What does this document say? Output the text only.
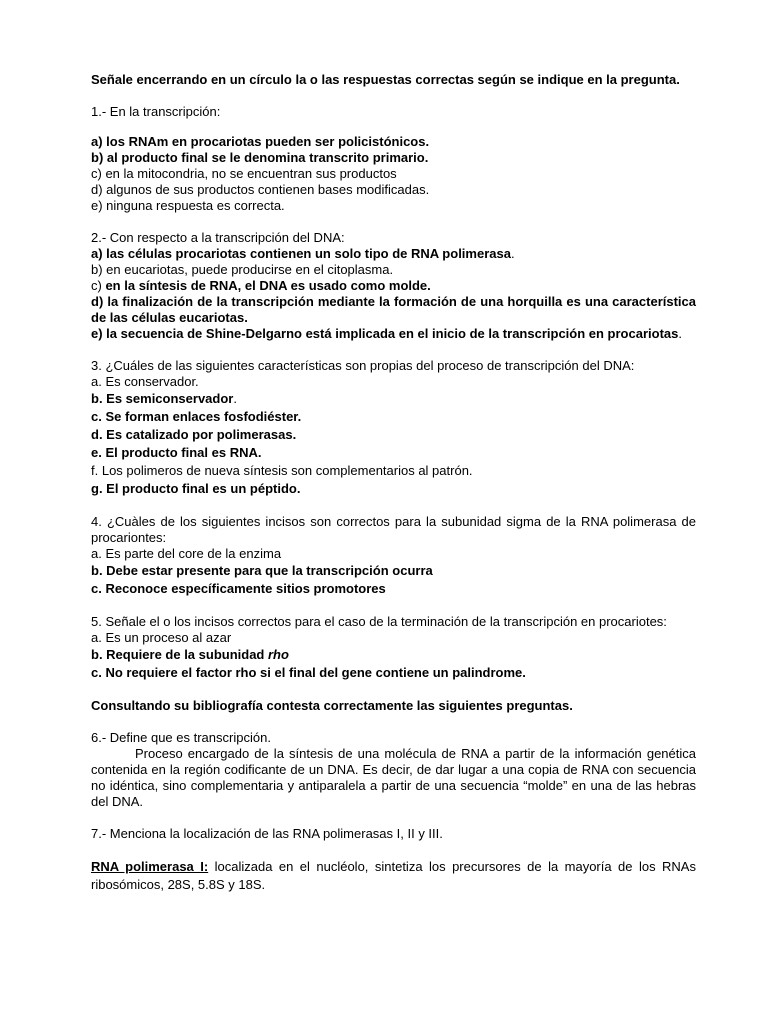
Señale encerrando en un círculo la o las respuestas correctas según se indique en la pregunta.

1.- En la transcripción:

a) los RNAm en procariotas pueden ser policistónicos.

b) al producto final se le denomina transcrito primario.

c) en la mitocondria, no se encuentran sus productos

d) algunos de sus productos contienen bases modificadas.

e) ninguna respuesta es correcta.

2.- Con respecto a la transcripción del DNA:

a) las células procariotas contienen un solo tipo de RNA polimerasa.

b) en eucariotas, puede producirse en el citoplasma.

c) en la síntesis de RNA, el DNA es usado como molde.

d) la finalización de la transcripción mediante la formación de una horquilla es una característica de las células eucariotas.

e) la secuencia de Shine-Delgarno está implicada en el inicio de la transcripción en procariotas.

3. ¿Cuáles de las siguientes características son propias del proceso de transcripción del DNA:

a. Es conservador.

b. Es semiconservador.

c. Se forman enlaces fosfodiéster.

d. Es catalizado por polimerasas.

e. El producto final es RNA.

f. Los polimeros de nueva síntesis son complementarios al patrón.

g. El producto final es un péptido.

4. ¿Cuàles de los siguientes incisos son correctos para la subunidad sigma de la RNA polimerasa de procariontes:

a. Es parte del core de la enzima

b. Debe estar presente para que la transcripción ocurra

c. Reconoce específicamente sitios promotores

5. Señale el o los incisos correctos para el caso de la terminación de la transcripción en procariotes:

a. Es un proceso al azar

b. Requiere de la subunidad rho

c. No requiere el factor rho si el final del gene contiene un palindrome.

Consultando su bibliografía contesta correctamente las siguientes preguntas.

6.- Define que es transcripción.

Proceso encargado de la síntesis de una molécula de RNA a partir de la información genética contenida en la región codificante de un DNA. Es decir, de dar lugar a una copia de RNA con secuencia no idéntica, sino complementaria y antiparalela a partir de una secuencia “molde” en una de las hebras del DNA.

7.- Menciona la localización de las RNA polimerasas I, II y III.

RNA polimerasa I: localizada en el nucléolo, sintetiza los precursores de la mayoría de los RNAs ribosómicos, 28S, 5.8S y 18S.
